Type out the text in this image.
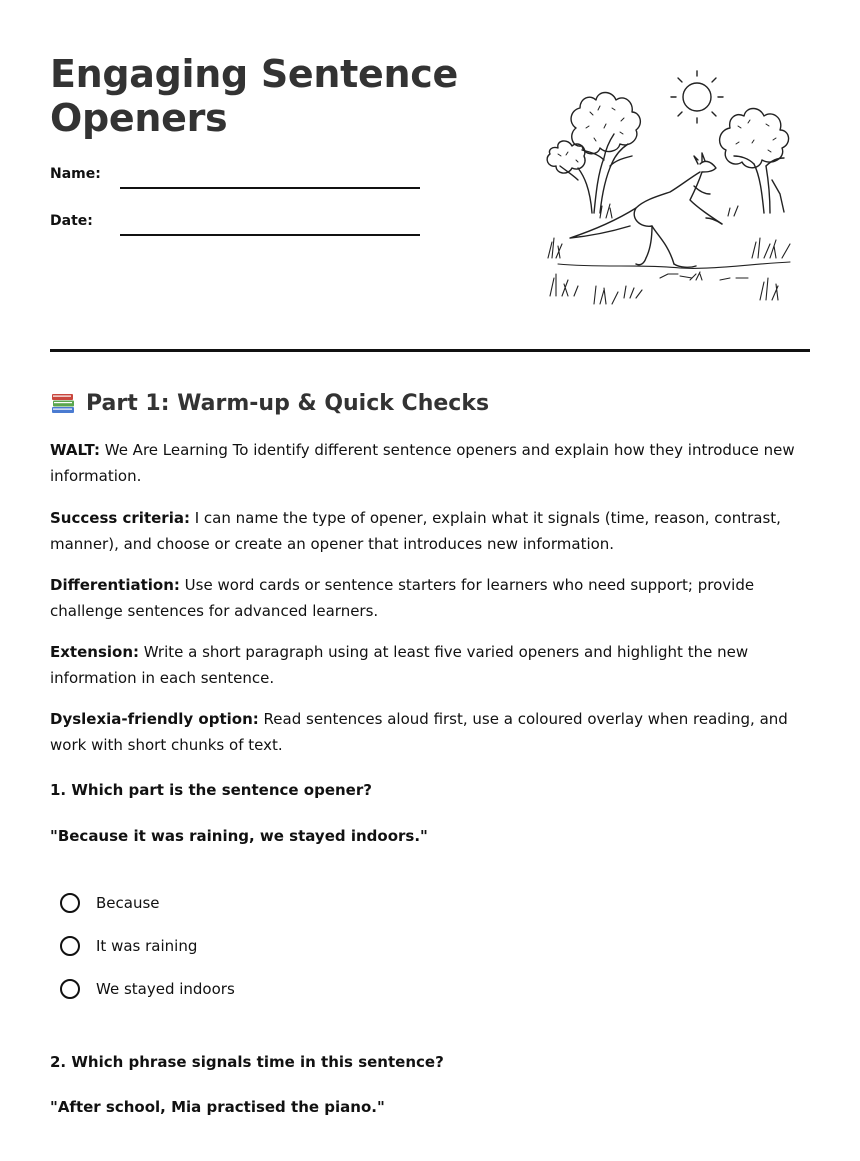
Engaging Sentence Openers
Name:
Date:
Part 1: Warm-up & Quick Checks

WALT: We Are Learning To identify different sentence openers and explain how they introduce new information.

Success criteria: I can name the type of opener, explain what it signals (time, reason, contrast, manner), and choose or create an opener that introduces new information.

Differentiation: Use word cards or sentence starters for learners who need support; provide challenge sentences for advanced learners.

Extension: Write a short paragraph using at least five varied openers and highlight the new information in each sentence.

Dyslexia-friendly option: Read sentences aloud first, use a coloured overlay when reading, and work with short chunks of text.

1. Which part is the sentence opener?

"Because it was raining, we stayed indoors."

Because
It was raining
We stayed indoors

2. Which phrase signals time in this sentence?

"After school, Mia practised the piano."
